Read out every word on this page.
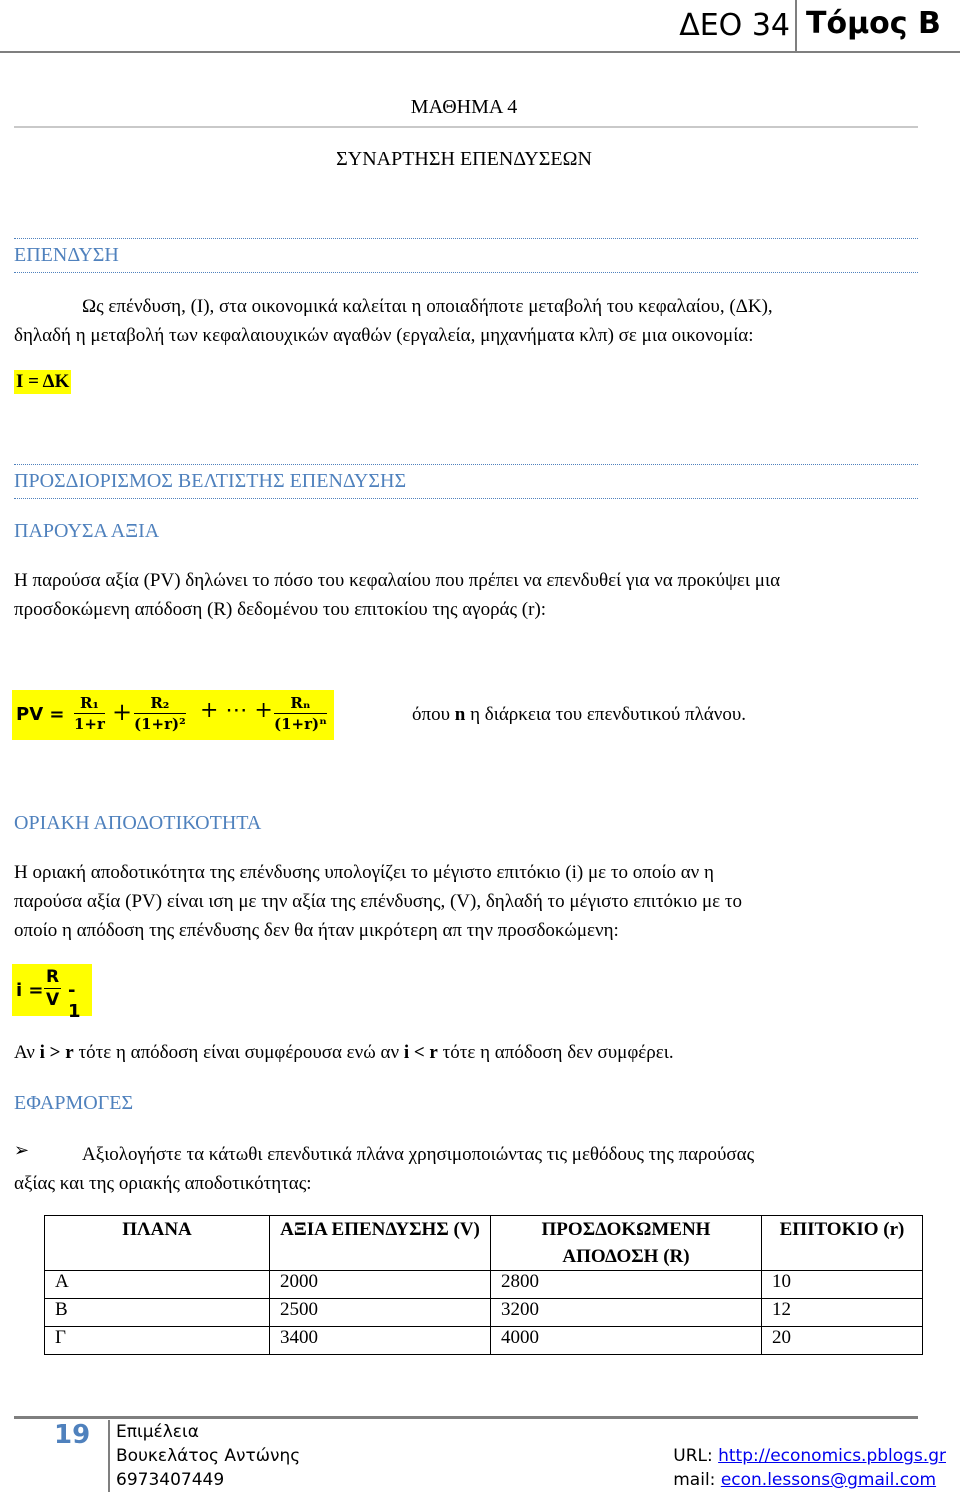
ΔΕΟ 34 Τόμος Β
ΜΑΘΗΜΑ 4
ΣΥΝΑΡΤΗΣΗ ΕΠΕΝΔΥΣΕΩΝ
ΕΠΕΝΔΥΣΗ
Ως επένδυση, (Ι), στα οικονομικά καλείται η οποιαδήποτε μεταβολή του κεφαλαίου, (ΔΚ),
δηλαδή η μεταβολή των κεφαλαιουχικών αγαθών (εργαλεία, μηχανήματα κλπ) σε μια οικονομία:
Ι = ΔΚ
ΠΡΟΣΔΙΟΡΙΣΜΟΣ ΒΕΛΤΙΣΤΗΣ ΕΠΕΝΔΥΣΗΣ
ΠΑΡΟΥΣΑ ΑΞΙΑ
Η παρούσα αξία (PV) δηλώνει το πόσο του κεφαλαίου που πρέπει να επενδυθεί για να προκύψει μια
προσδοκώμενη απόδοση (R) δεδομένου του επιτοκίου της αγοράς (r):
PV = $\frac{\text{R₁}}{1+r} + \frac{\text{R₂}}{\text{(1+r)²}}$ + ⋯ + $\frac{\text{Rₙ}}{\text{(1+r)ⁿ}}$	όπου n η διάρκεια του επενδυτικού πλάνου.
ΟΡΙΑΚΗ ΑΠΟΔΟΤΙΚΟΤΗΤΑ
Η οριακή αποδοτικότητα της επένδυσης υπολογίζει το μέγιστο επιτόκιο (i) με το οποίο αν η
παρούσα αξία (PV) είναι ιση με την αξία της επένδυσης, (V), δηλαδή το μέγιστο επιτόκιο με το
οποίο η απόδοση της επένδυσης δεν θα ήταν μικρότερη απ την προσδοκώμενη:
$i = \frac{R}{V} - 1$
Αν i > r τότε η απόδοση είναι συμφέρουσα ενώ αν i < r τότε η απόδοση δεν συμφέρει.
ΕΦΑΡΜΟΓΕΣ
➢	Αξιολογήστε τα κάτωθι επενδυτικά πλάνα χρησιμοποιώντας τις μεθόδους της παρούσας
αξίας και της οριακής αποδοτικότητας:
ΠΛΑΝΑ	ΑΞΙΑ ΕΠΕΝΔΥΣΗΣ (V)	ΠΡΟΣΔΟΚΩΜΕΝΗ ΑΠΟΔΟΣΗ (R)	ΕΠΙΤΟΚΙΟ (r)
Α	2000	2800	10
Β	2500	3200	12
Γ	3400	4000	20
19 Επιμέλεια
Βουκελάτος Αντώνης
6973407449
URL: http://economics.pblogs.gr
mail: econ.lessons@gmail.com
